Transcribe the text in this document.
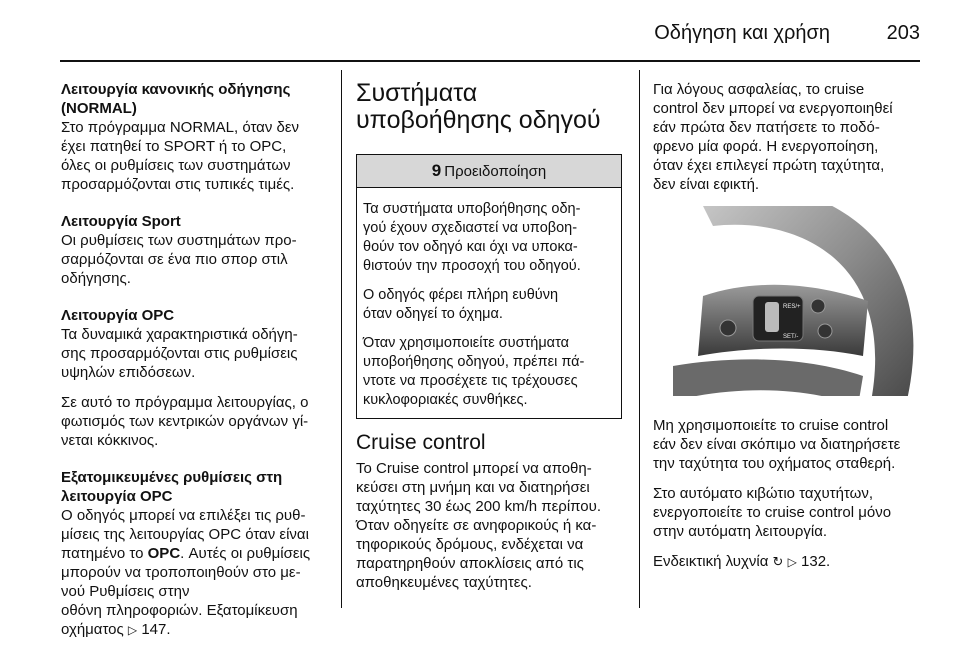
Οδήγηση και χρήση	203

Λειτουργία κανονικής οδήγησης
(NORMAL)

Στο πρόγραμμα NORMAL, όταν δεν
έχει πατηθεί το SPORT ή το OPC,
όλες οι ρυθμίσεις των συστημάτων
προσαρμόζονται στις τυπικές τιμές.

Λειτουργία Sport

Οι ρυθμίσεις των συστημάτων προ-
σαρμόζονται σε ένα πιο σπορ στιλ
οδήγησης.

Λειτουργία OPC

Τα δυναμικά χαρακτηριστικά οδήγη-
σης προσαρμόζονται στις ρυθμίσεις
υψηλών επιδόσεων.

Σε αυτό το πρόγραμμα λειτουργίας, ο
φωτισμός των κεντρικών οργάνων γί-
νεται κόκκινος.

Εξατομικευμένες ρυθμίσεις στη
λειτουργία OPC

Ο οδηγός μπορεί να επιλέξει τις ρυθ-
μίσεις της λειτουργίας OPC όταν είναι
πατημένο το OPC. Αυτές οι ρυθμίσεις
μπορούν να τροποποιηθούν στο με-
νού Ρυθμίσεις στην
οθόνη πληροφοριών. Εξατομίκευση
οχήματος ▷ 147.

Συστήματα
υποβοήθησης οδηγού

9 Προειδοποίηση

Τα συστήματα υποβοήθησης οδη-
γού έχουν σχεδιαστεί να υποβοη-
θούν τον οδηγό και όχι να υποκα-
θιστούν την προσοχή του οδηγού.

Ο οδηγός φέρει πλήρη ευθύνη
όταν οδηγεί το όχημα.

Όταν χρησιμοποιείτε συστήματα
υποβοήθησης οδηγού, πρέπει πά-
ντοτε να προσέχετε τις τρέχουσες
κυκλοφοριακές συνθήκες.

Cruise control

Το Cruise control μπορεί να αποθη-
κεύσει στη μνήμη και να διατηρήσει
ταχύτητες 30 έως 200 km/h περίπου.
Όταν οδηγείτε σε ανηφορικούς ή κα-
τηφορικούς δρόμους, ενδέχεται να
παρατηρηθούν αποκλίσεις από τις
αποθηκευμένες ταχύτητες.

Για λόγους ασφαλείας, το cruise
control δεν μπορεί να ενεργοποιηθεί
εάν πρώτα δεν πατήσετε το ποδό-
φρενο μία φορά. Η ενεργοποίηση,
όταν έχει επιλεγεί πρώτη ταχύτητα,
δεν είναι εφικτή.

RES/+
SET/-

Μη χρησιμοποιείτε το cruise control
εάν δεν είναι σκόπιμο να διατηρήσετε
την ταχύτητα του οχήματος σταθερή.

Στο αυτόματο κιβώτιο ταχυτήτων,
ενεργοποιείτε το cruise control μόνο
στην αυτόματη λειτουργία.

Ενδεικτική λυχνία ↻ ▷ 132.
